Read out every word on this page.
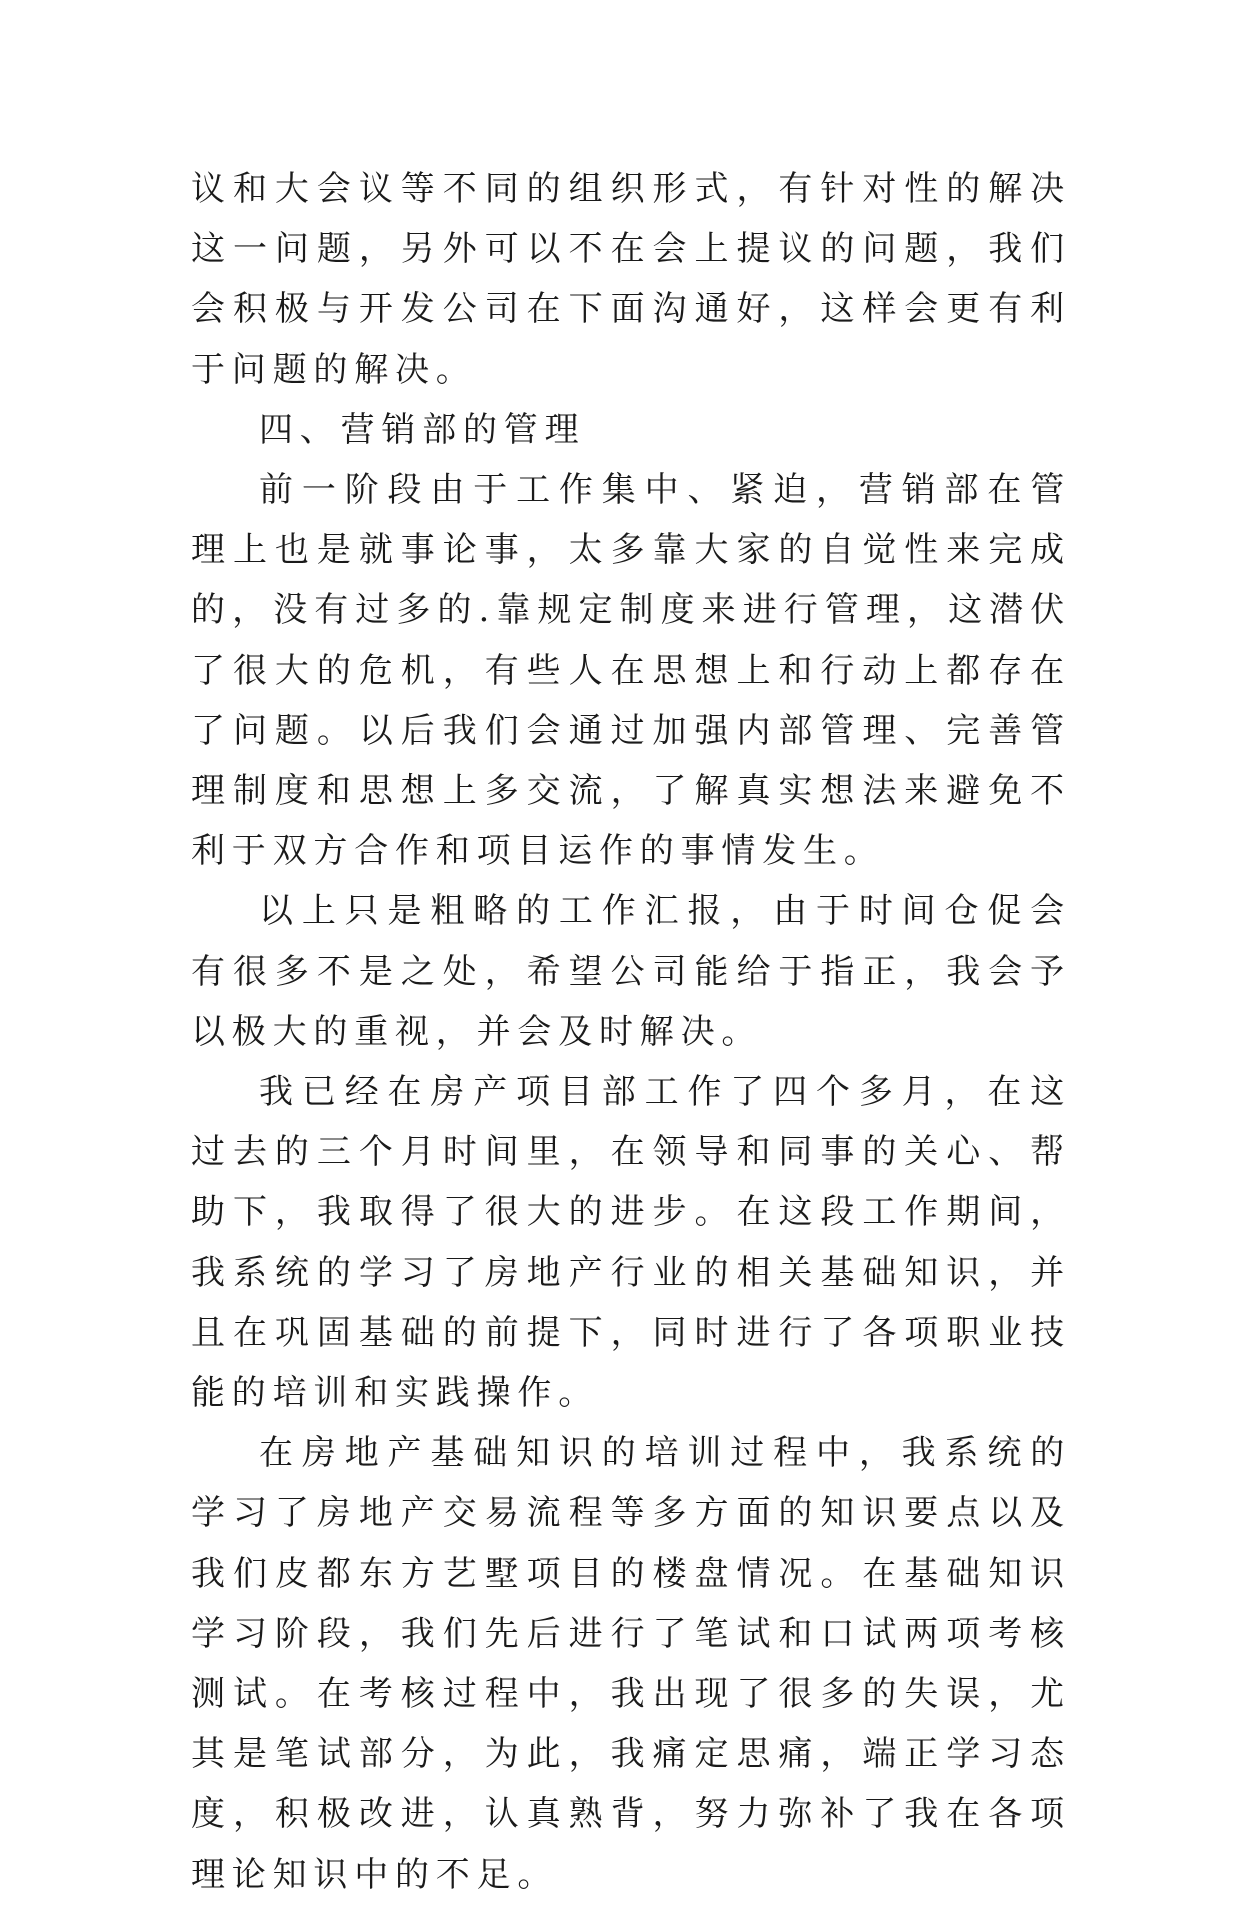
议和大会议等不同的组织形式，有针对性的解决这一问题，另外可以不在会上提议的问题，我们会积极与开发公司在下面沟通好，这样会更有利于问题的解决。

四、营销部的管理

前一阶段由于工作集中、紧迫，营销部在管理上也是就事论事，太多靠大家的自觉性来完成的，没有过多的.靠规定制度来进行管理，这潜伏了很大的危机，有些人在思想上和行动上都存在了问题。以后我们会通过加强内部管理、完善管理制度和思想上多交流，了解真实想法来避免不利于双方合作和项目运作的事情发生。

以上只是粗略的工作汇报，由于时间仓促会有很多不是之处，希望公司能给于指正，我会予以极大的重视，并会及时解决。

我已经在房产项目部工作了四个多月，在这过去的三个月时间里，在领导和同事的关心、帮助下，我取得了很大的进步。在这段工作期间，我系统的学习了房地产行业的相关基础知识，并且在巩固基础的前提下，同时进行了各项职业技能的培训和实践操作。

在房地产基础知识的培训过程中，我系统的学习了房地产交易流程等多方面的知识要点以及我们皮都东方艺墅项目的楼盘情况。在基础知识学习阶段，我们先后进行了笔试和口试两项考核测试。在考核过程中，我出现了很多的失误，尤其是笔试部分，为此，我痛定思痛，端正学习态度，积极改进，认真熟背，努力弥补了我在各项理论知识中的不足。
